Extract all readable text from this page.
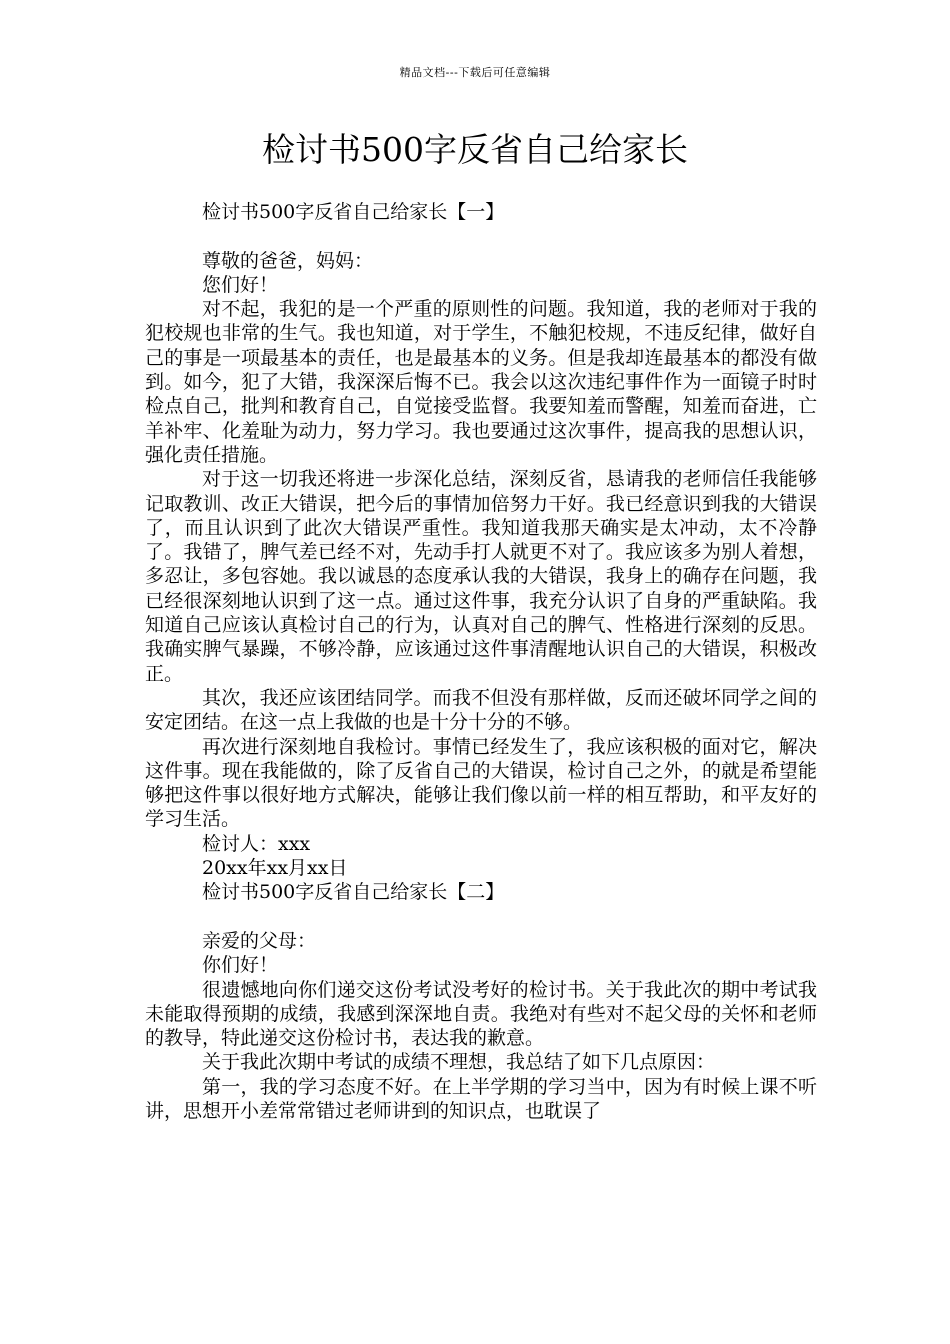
精品文档---下载后可任意编辑
检讨书500字反省自己给家长

检讨书500字反省自己给家长【一】

尊敬的爸爸，妈妈：

您们好！

对不起，我犯的是一个严重的原则性的问题。我知道，我的老师对于我的犯校规也非常的生气。我也知道，对于学生，不触犯校规，不违反纪律，做好自己的事是一项最基本的责任，也是最基本的义务。但是我却连最基本的都没有做到。如今，犯了大错，我深深后悔不已。我会以这次违纪事件作为一面镜子时时检点自己，批判和教育自己，自觉接受监督。我要知羞而警醒，知羞而奋进，亡羊补牢、化羞耻为动力，努力学习。我也要通过这次事件，提高我的思想认识，强化责任措施。

对于这一切我还将进一步深化总结，深刻反省，恳请我的老师信任我能够记取教训、改正大错误，把今后的事情加倍努力干好。我已经意识到我的大错误了，而且认识到了此次大错误严重性。我知道我那天确实是太冲动，太不冷静了。我错了，脾气差已经不对，先动手打人就更不对了。我应该多为别人着想，多忍让，多包容她。我以诚恳的态度承认我的大错误，我身上的确存在问题，我已经很深刻地认识到了这一点。通过这件事，我充分认识了自身的严重缺陷。我知道自己应该认真检讨自己的行为，认真对自己的脾气、性格进行深刻的反思。我确实脾气暴躁，不够冷静，应该通过这件事清醒地认识自己的大错误，积极改正。

其次，我还应该团结同学。而我不但没有那样做，反而还破坏同学之间的安定团结。在这一点上我做的也是十分十分的不够。

再次进行深刻地自我检讨。事情已经发生了，我应该积极的面对它，解决这件事。现在我能做的，除了反省自己的大错误，检讨自己之外，的就是希望能够把这件事以很好地方式解决，能够让我们像以前一样的相互帮助，和平友好的学习生活。

检讨人：xxx

20xx年xx月xx日

检讨书500字反省自己给家长【二】

亲爱的父母：

你们好！

很遗憾地向你们递交这份考试没考好的检讨书。关于我此次的期中考试我未能取得预期的成绩，我感到深深地自责。我绝对有些对不起父母的关怀和老师的教导，特此递交这份检讨书，表达我的歉意。

关于我此次期中考试的成绩不理想，我总结了如下几点原因：

第一，我的学习态度不好。在上半学期的学习当中，因为有时候上课不听讲，思想开小差常常错过老师讲到的知识点，也耽误了
